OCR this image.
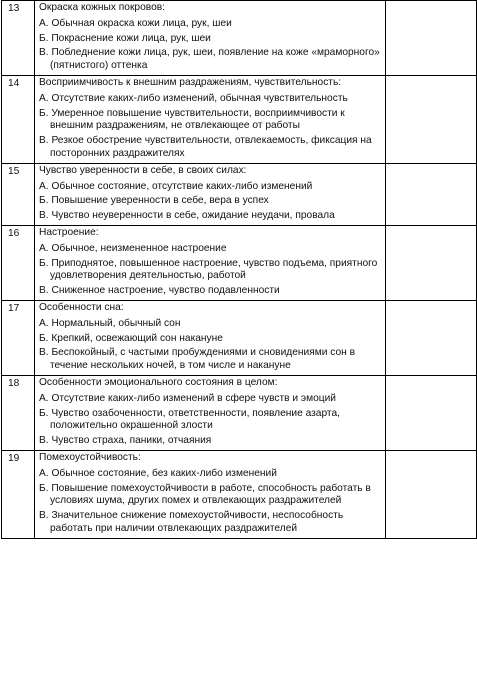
13	Окраска кожных покровов:
А. Обычная окраска кожи лица, рук, шеи
Б. Покраснение кожи лица, рук, шеи
В. Побледнение кожи лица, рук, шеи, появление на коже «мраморного» (пятнистого) оттенка	

14	Восприимчивость к внешним раздражениям, чувствительность:
А. Отсутствие каких-либо изменений, обычная чувствительность
Б. Умеренное повышение чувствительности, восприимчивости к внешним раздражениям, не отвлекающее от работы
В. Резкое обострение чувствительности, отвлекаемость, фиксация на посторонних раздражителях	

15	Чувство уверенности в себе, в своих силах:
А. Обычное состояние, отсутствие каких-либо изменений
Б. Повышение уверенности в себе, вера в успех
В. Чувство неуверенности в себе, ожидание неудачи, провала	

16	Настроение:
А. Обычное, неизмененное настроение
Б. Приподнятое, повышенное настроение, чувство подъема, приятного удовлетворения деятельностью, работой
В. Сниженное настроение, чувство подавленности	

17	Особенности сна:
А. Нормальный, обычный сон
Б. Крепкий, освежающий сон накануне
В. Беспокойный, с частыми пробуждениями и сновидениями сон в течение нескольких ночей, в том числе и накануне	

18	Особенности эмоционального состояния в целом:
А. Отсутствие каких-либо изменений в сфере чувств и эмоций
Б. Чувство озабоченности, ответственности, появление азарта, положительно окрашенной злости
В. Чувство страха, паники, отчаяния	

19	Помехоустойчивость:
А. Обычное состояние, без каких-либо изменений
Б. Повышение помехоустойчивости в работе, способность работать в условиях шума, других помех и отвлекающих раздражителей
В. Значительное снижение помехоустойчивости, неспособность работать при наличии отвлекающих раздражителей	
